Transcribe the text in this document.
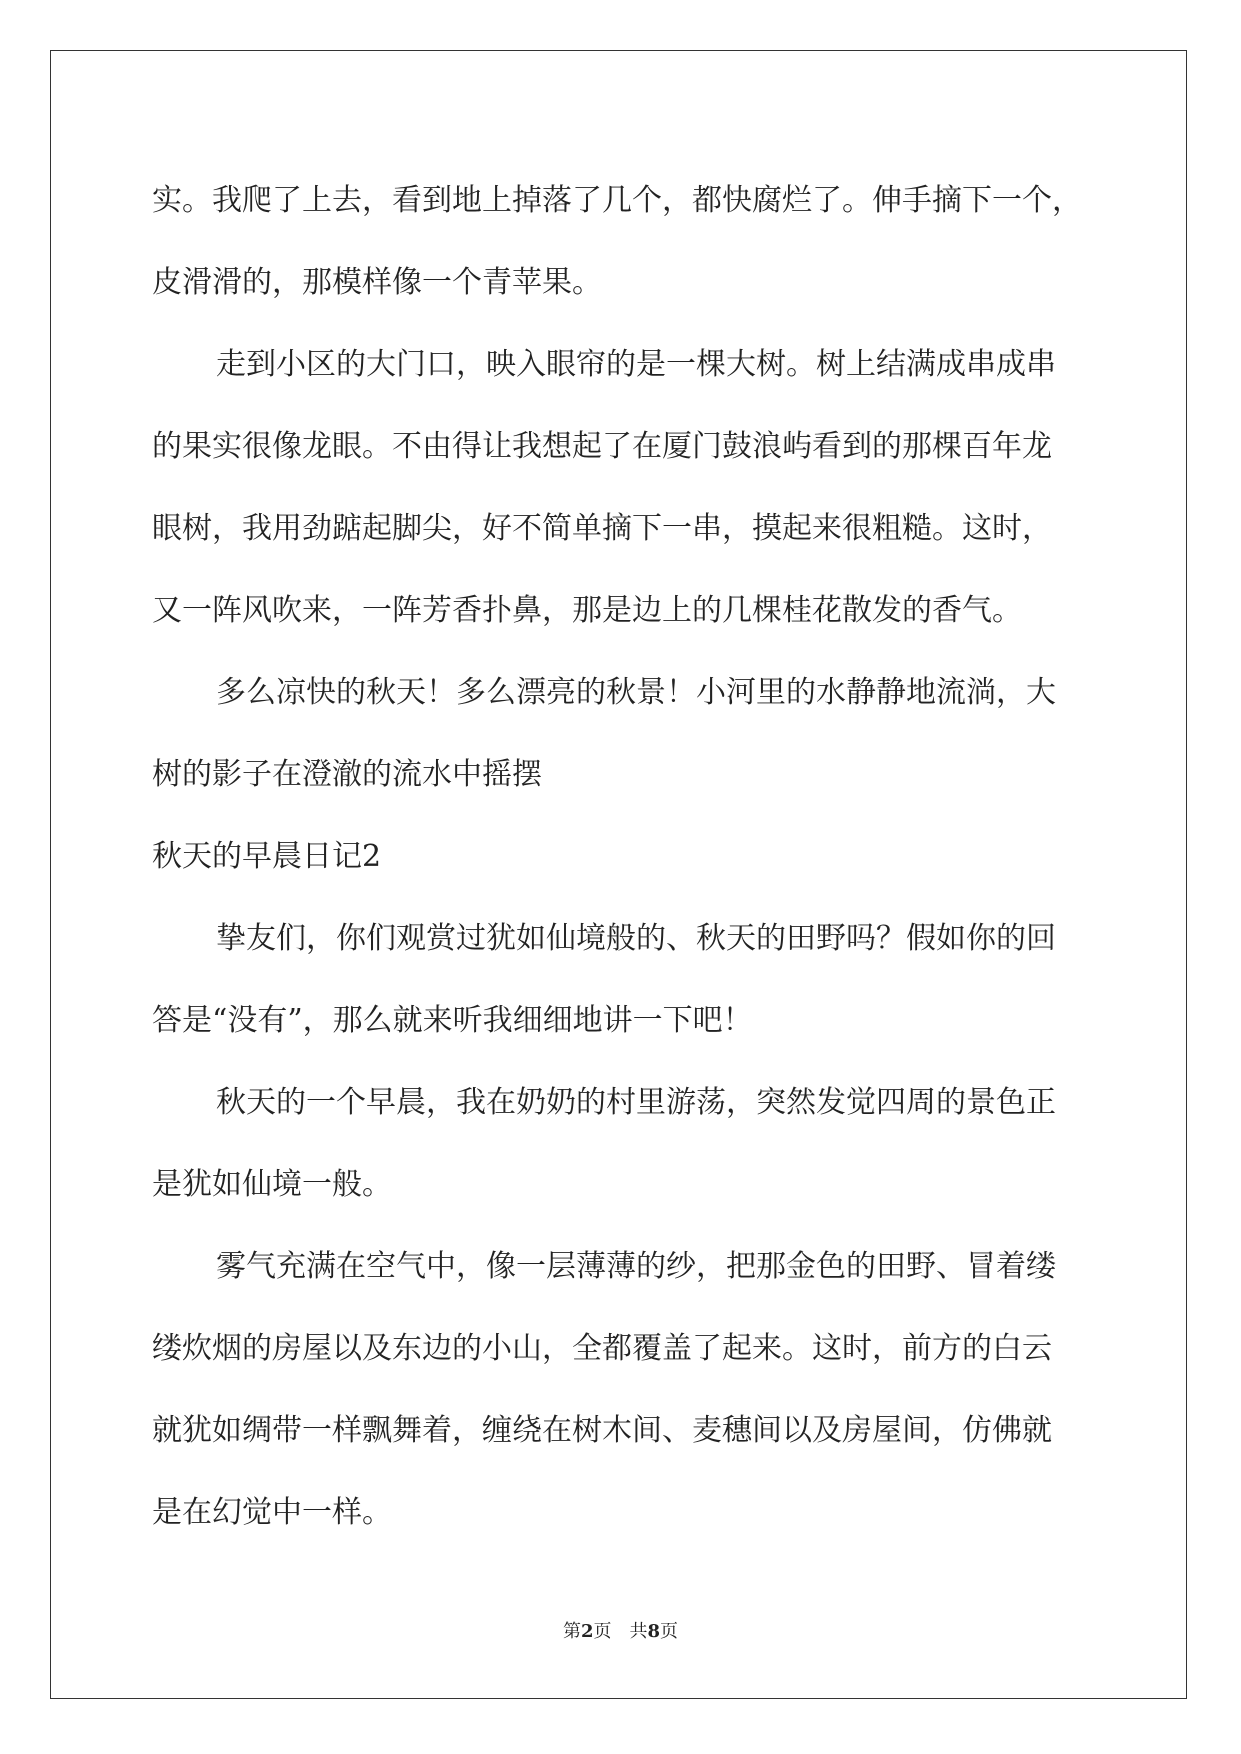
实。我爬了上去，看到地上掉落了几个，都快腐烂了。伸手摘下一个，
皮滑滑的，那模样像一个青苹果。
走到小区的大门口，映入眼帘的是一棵大树。树上结满成串成串
的果实很像龙眼。不由得让我想起了在厦门鼓浪屿看到的那棵百年龙
眼树，我用劲踮起脚尖，好不简单摘下一串，摸起来很粗糙。这时，
又一阵风吹来，一阵芳香扑鼻，那是边上的几棵桂花散发的香气。
多么凉快的秋天！多么漂亮的秋景！小河里的水静静地流淌，大
树的影子在澄澈的流水中摇摆
秋天的早晨日记2
挚友们，你们观赏过犹如仙境般的、秋天的田野吗？假如你的回
答是“没有”，那么就来听我细细地讲一下吧！
秋天的一个早晨，我在奶奶的村里游荡，突然发觉四周的景色正
是犹如仙境一般。
雾气充满在空气中，像一层薄薄的纱，把那金色的田野、冒着缕
缕炊烟的房屋以及东边的小山，全都覆盖了起来。这时，前方的白云
就犹如绸带一样飘舞着，缠绕在树木间、麦穗间以及房屋间，仿佛就
是在幻觉中一样。
第2页 共8页
